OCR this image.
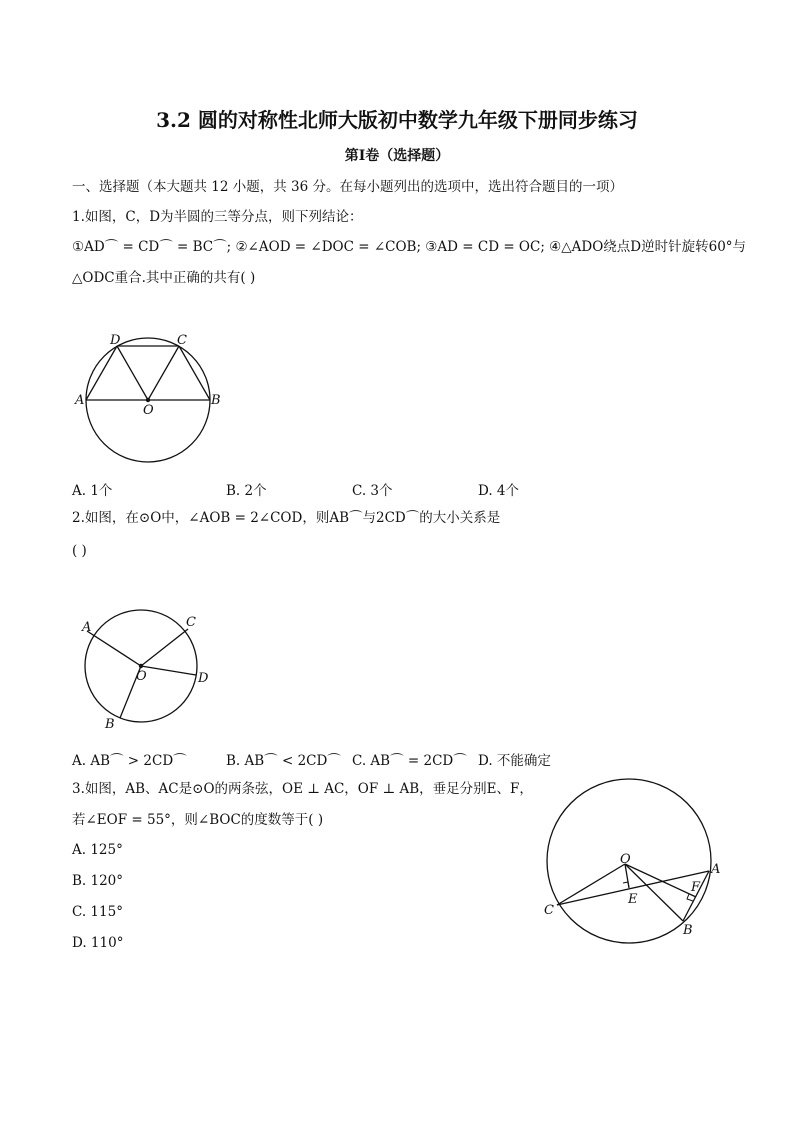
3.2 圆的对称性北师大版初中数学九年级下册同步练习
第I卷（选择题）
一、选择题（本大题共 12 小题，共 36 分。在每小题列出的选项中，选出符合题目的一项）
1.如图，C，D为半圆的三等分点，则下列结论：
①AD⌒ = CD⌒ = BC⌒; ②∠AOD = ∠DOC = ∠COB; ③AD = CD = OC; ④△ADO绕点D逆时针旋转60°与
△ODC重合.其中正确的共有( )
A	B
D	C
O
A. 1个	B. 2个	C. 3个	D. 4个
2.如图，在⊙O中，∠AOB = 2∠COD，则AB⌒与2CD⌒的大小关系是
( )
A	C
D
O
B
A. AB⌒ > 2CD⌒	B. AB⌒ < 2CD⌒ C. AB⌒ = 2CD⌒ D. 不能确定
3.如图，AB、AC是⊙O的两条弦，OE ⊥ AC，OF ⊥ AB，垂足分别E、F，
若∠EOF = 55°，则∠BOC的度数等于( )
A. 125°
B. 120°
C. 115°
D. 110°
O
E
F
A
B
C
